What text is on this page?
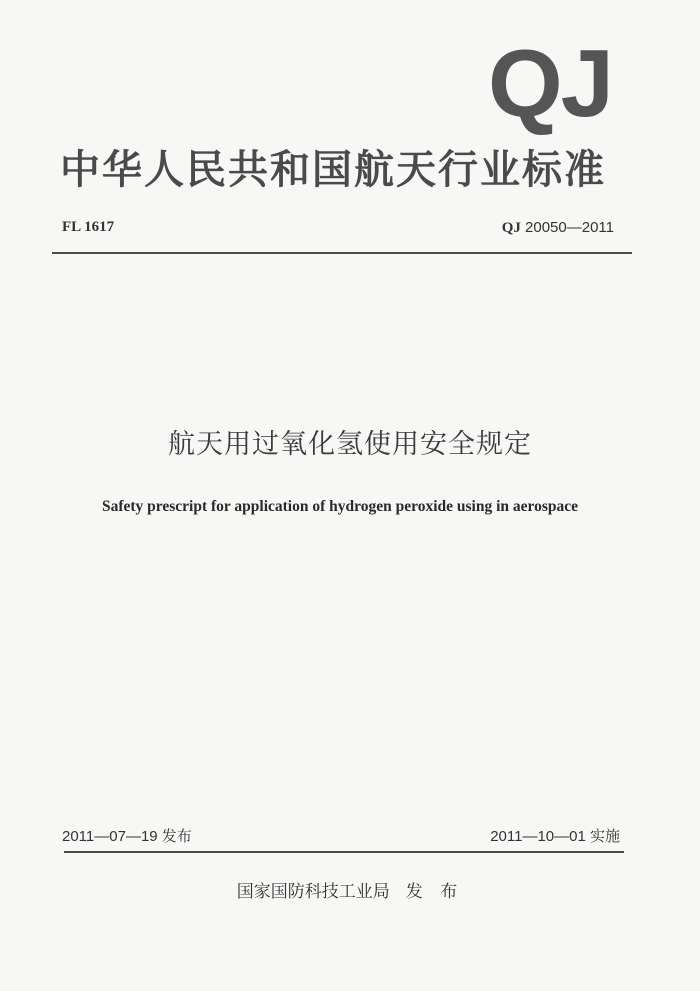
QJ
中华人民共和国航天行业标准
FL 1617	QJ 20050—2011
航天用过氧化氢使用安全规定
Safety prescript for application of hydrogen peroxide using in aerospace
2011—07—19 发布	2011—10—01 实施
国家国防科技工业局 发 布
